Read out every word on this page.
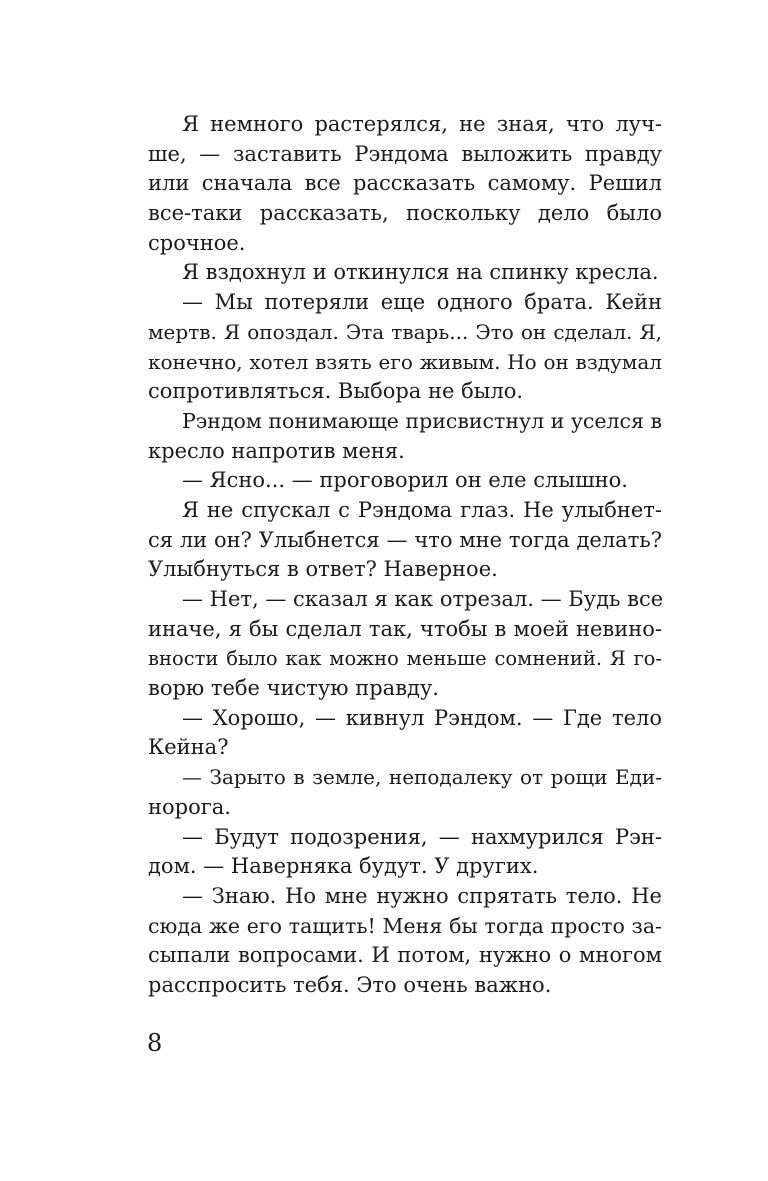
Я немного растерялся, не зная, что луч-
ше, — заставить Рэндома выложить правду
или сначала все рассказать самому. Решил
все-таки рассказать, поскольку дело было
срочное.
Я вздохнул и откинулся на спинку кресла.
— Мы потеряли еще одного брата. Кейн
мертв. Я опоздал. Эта тварь... Это он сделал. Я,
конечно, хотел взять его живым. Но он вздумал
сопротивляться. Выбора не было.
Рэндом понимающе присвистнул и уселся в
кресло напротив меня.
— Ясно... — проговорил он еле слышно.
Я не спускал с Рэндома глаз. Не улыбнет-
ся ли он? Улыбнется — что мне тогда делать?
Улыбнуться в ответ? Наверное.
— Нет, — сказал я как отрезал. — Будь все
иначе, я бы сделал так, чтобы в моей невино-
вности было как можно меньше сомнений. Я го-
ворю тебе чистую правду.
— Хорошо, — кивнул Рэндом. — Где тело
Кейна?
— Зарыто в земле, неподалеку от рощи Еди-
норога.
— Будут подозрения, — нахмурился Рэн-
дом. — Наверняка будут. У других.
— Знаю. Но мне нужно спрятать тело. Не
сюда же его тащить! Меня бы тогда просто за-
сыпали вопросами. И потом, нужно о многом
расспросить тебя. Это очень важно.
8
